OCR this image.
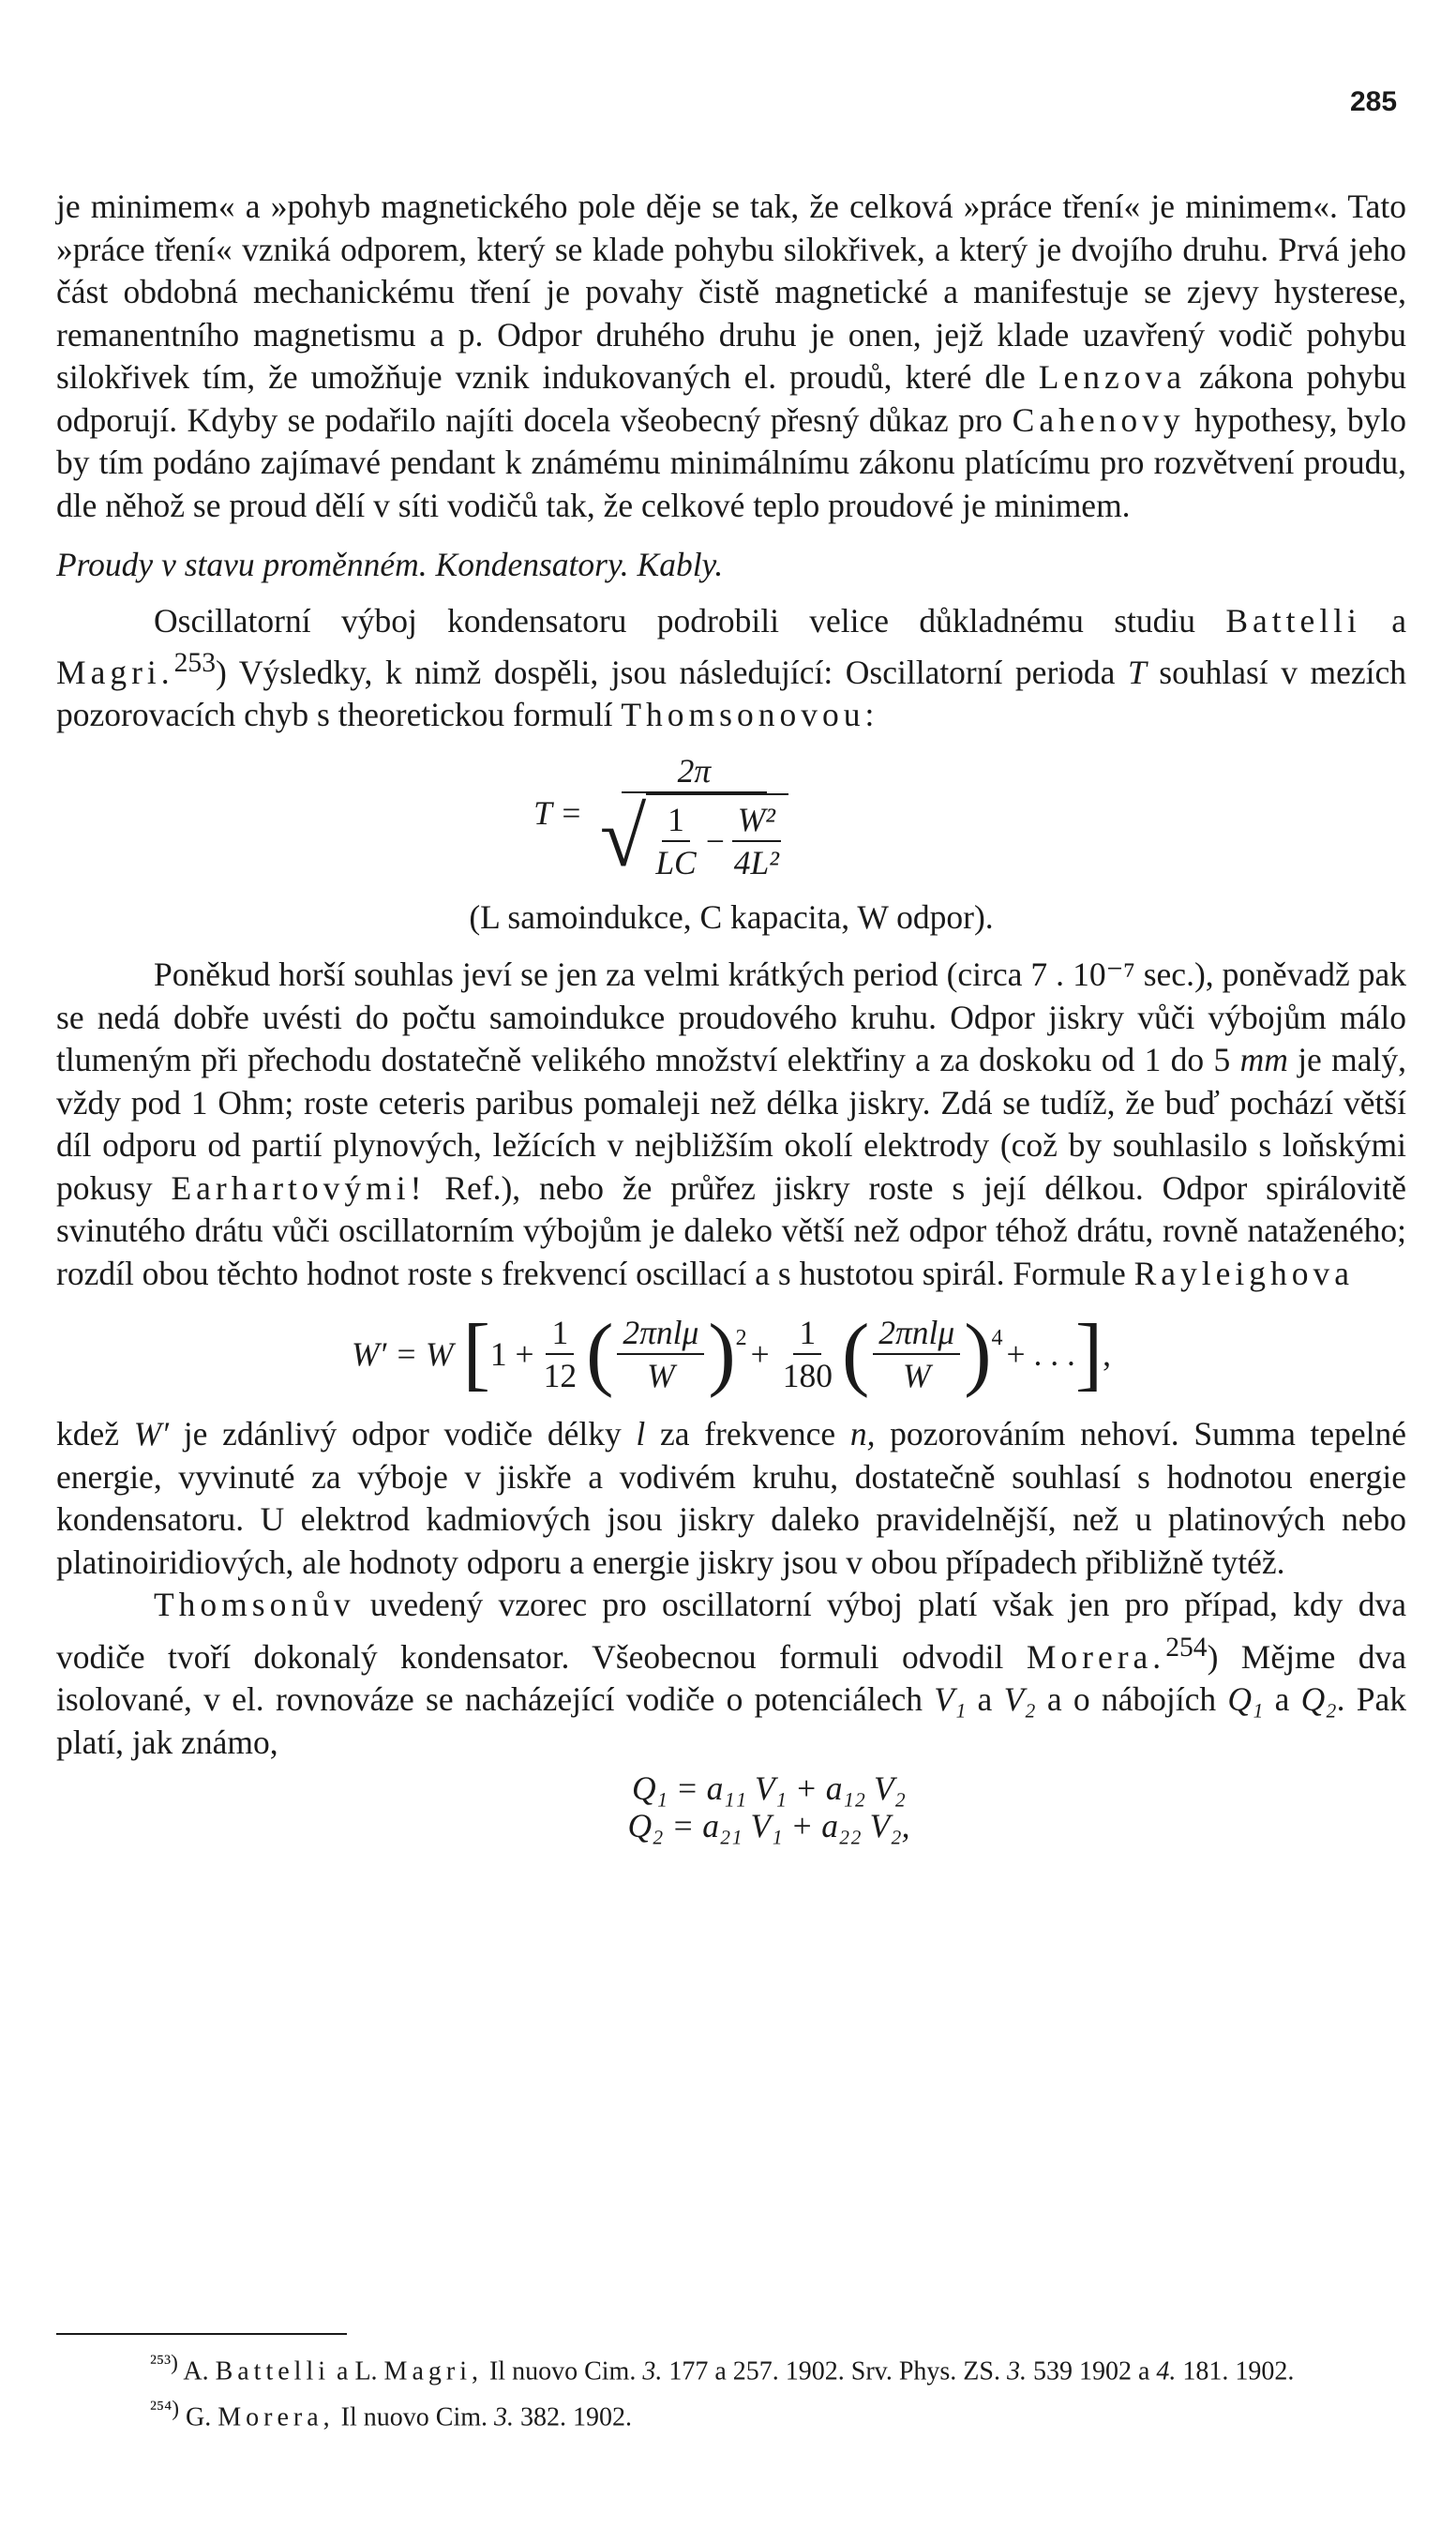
285

je minimem« a »pohyb magnetického pole děje se tak, že celková »práce tření« je minimem«. Tato »práce tření« vzniká odporem, který se klade pohybu silokřivek, a který je dvojího druhu. Prvá jeho část obdobná mechanickému tření je povahy čistě magnetické a manifestuje se zjevy hysterese, remanentního magnetismu a p. Odpor druhého druhu je onen, jejž klade uzavřený vodič pohybu silokřivek tím, že umožňuje vznik indukovaných el. proudů, které dle Lenzova zákona pohybu odporují. Kdyby se podařilo najíti docela všeobecný přesný důkaz pro Cahenovy hypothesy, bylo by tím podáno zajímavé pendant k známému minimálnímu zákonu platícímu pro rozvětvení proudu, dle něhož se proud dělí v síti vodičů tak, že celkové teplo proudové je minimem.

Proudy v stavu proměnném. Kondensatory. Kably.

Oscillatorní výboj kondensatoru podrobili velice důkladnému studiu Battelli a Magri.$^{253}$) Výsledky, k nimž dospěli, jsou následující: Oscillatorní perioda T souhlasí v mezích pozorovacích chyb s theoretickou formulí Thomsonovou:

$T = \frac{2\pi}{√ \frac{1}{LC} - \frac{\text{W²}}{\text{4L²}}}$

(L samoindukce, C kapacita, W odpor).

Poněkud horší souhlas jeví se jen za velmi krátkých period (circa 7 . 10⁻⁷ sec.), poněvadž pak se nedá dobře uvésti do počtu samoindukce proudového kruhu. Odpor jiskry vůči výbojům málo tlumeným při přechodu dostatečně velikého množství elektřiny a za doskoku od 1 do 5 mm je malý, vždy pod 1 Ohm; roste ceteris paribus pomaleji než délka jiskry. Zdá se tudíž, že buď pochází větší díl odporu od partií plynových, ležících v nejbližším okolí elektrody (což by souhlasilo s loňskými pokusy Earhartovými! Ref.), nebo že průřez jiskry roste s její délkou. Odpor spirálovitě svinutého drátu vůči oscillatorním výbojům je daleko větší než odpor téhož drátu, rovně nataženého; rozdíl obou těchto hodnot roste s frekvencí oscillací a s hustotou spirál. Formule Rayleighova

W′ = W [ $1 + \frac{1}{12}$ ( $\frac{\text{2πnlμ}}{W} )^2 + \frac{1}{180}$ ( $\frac{\text{2πnlμ}}{W} )^4$ + . . . ] ,

kdež W′ je zdánlivý odpor vodiče délky l za frekvence n, pozorováním nehoví. Summa tepelné energie, vyvinuté za výboje v jiskře a vodivém kruhu, dostatečně souhlasí s hodnotou energie kondensatoru. U elektrod kadmiových jsou jiskry daleko pravidelnější, než u platinových nebo platinoiridiových, ale hodnoty odporu a energie jiskry jsou v obou případech přibližně tytéž.

Thomsonův uvedený vzorec pro oscillatorní výboj platí však jen pro případ, kdy dva vodiče tvoří dokonalý kondensator. Všeobecnou formuli odvodil Morera.$^{254}$) Mějme dva isolované, v el. rovnováze se nacházející vodiče o potenciálech V₁ a V₂ a o nábojích Q₁ a Q₂. Pak platí, jak známo,

Q₁ = a₁₁ V₁ + a₁₂ V₂
Q₂ = a₂₁ V₁ + a₂₂ V₂,

$^{^{253})}$ A. Battelli a L. Magri, Il nuovo Cim. 3. 177 a 257. 1902. Srv. Phys. ZS. 3. 539 1902 a 4. 181. 1902.

$^{^{254})}$ G. Morera, Il nuovo Cim. 3. 382. 1902.
